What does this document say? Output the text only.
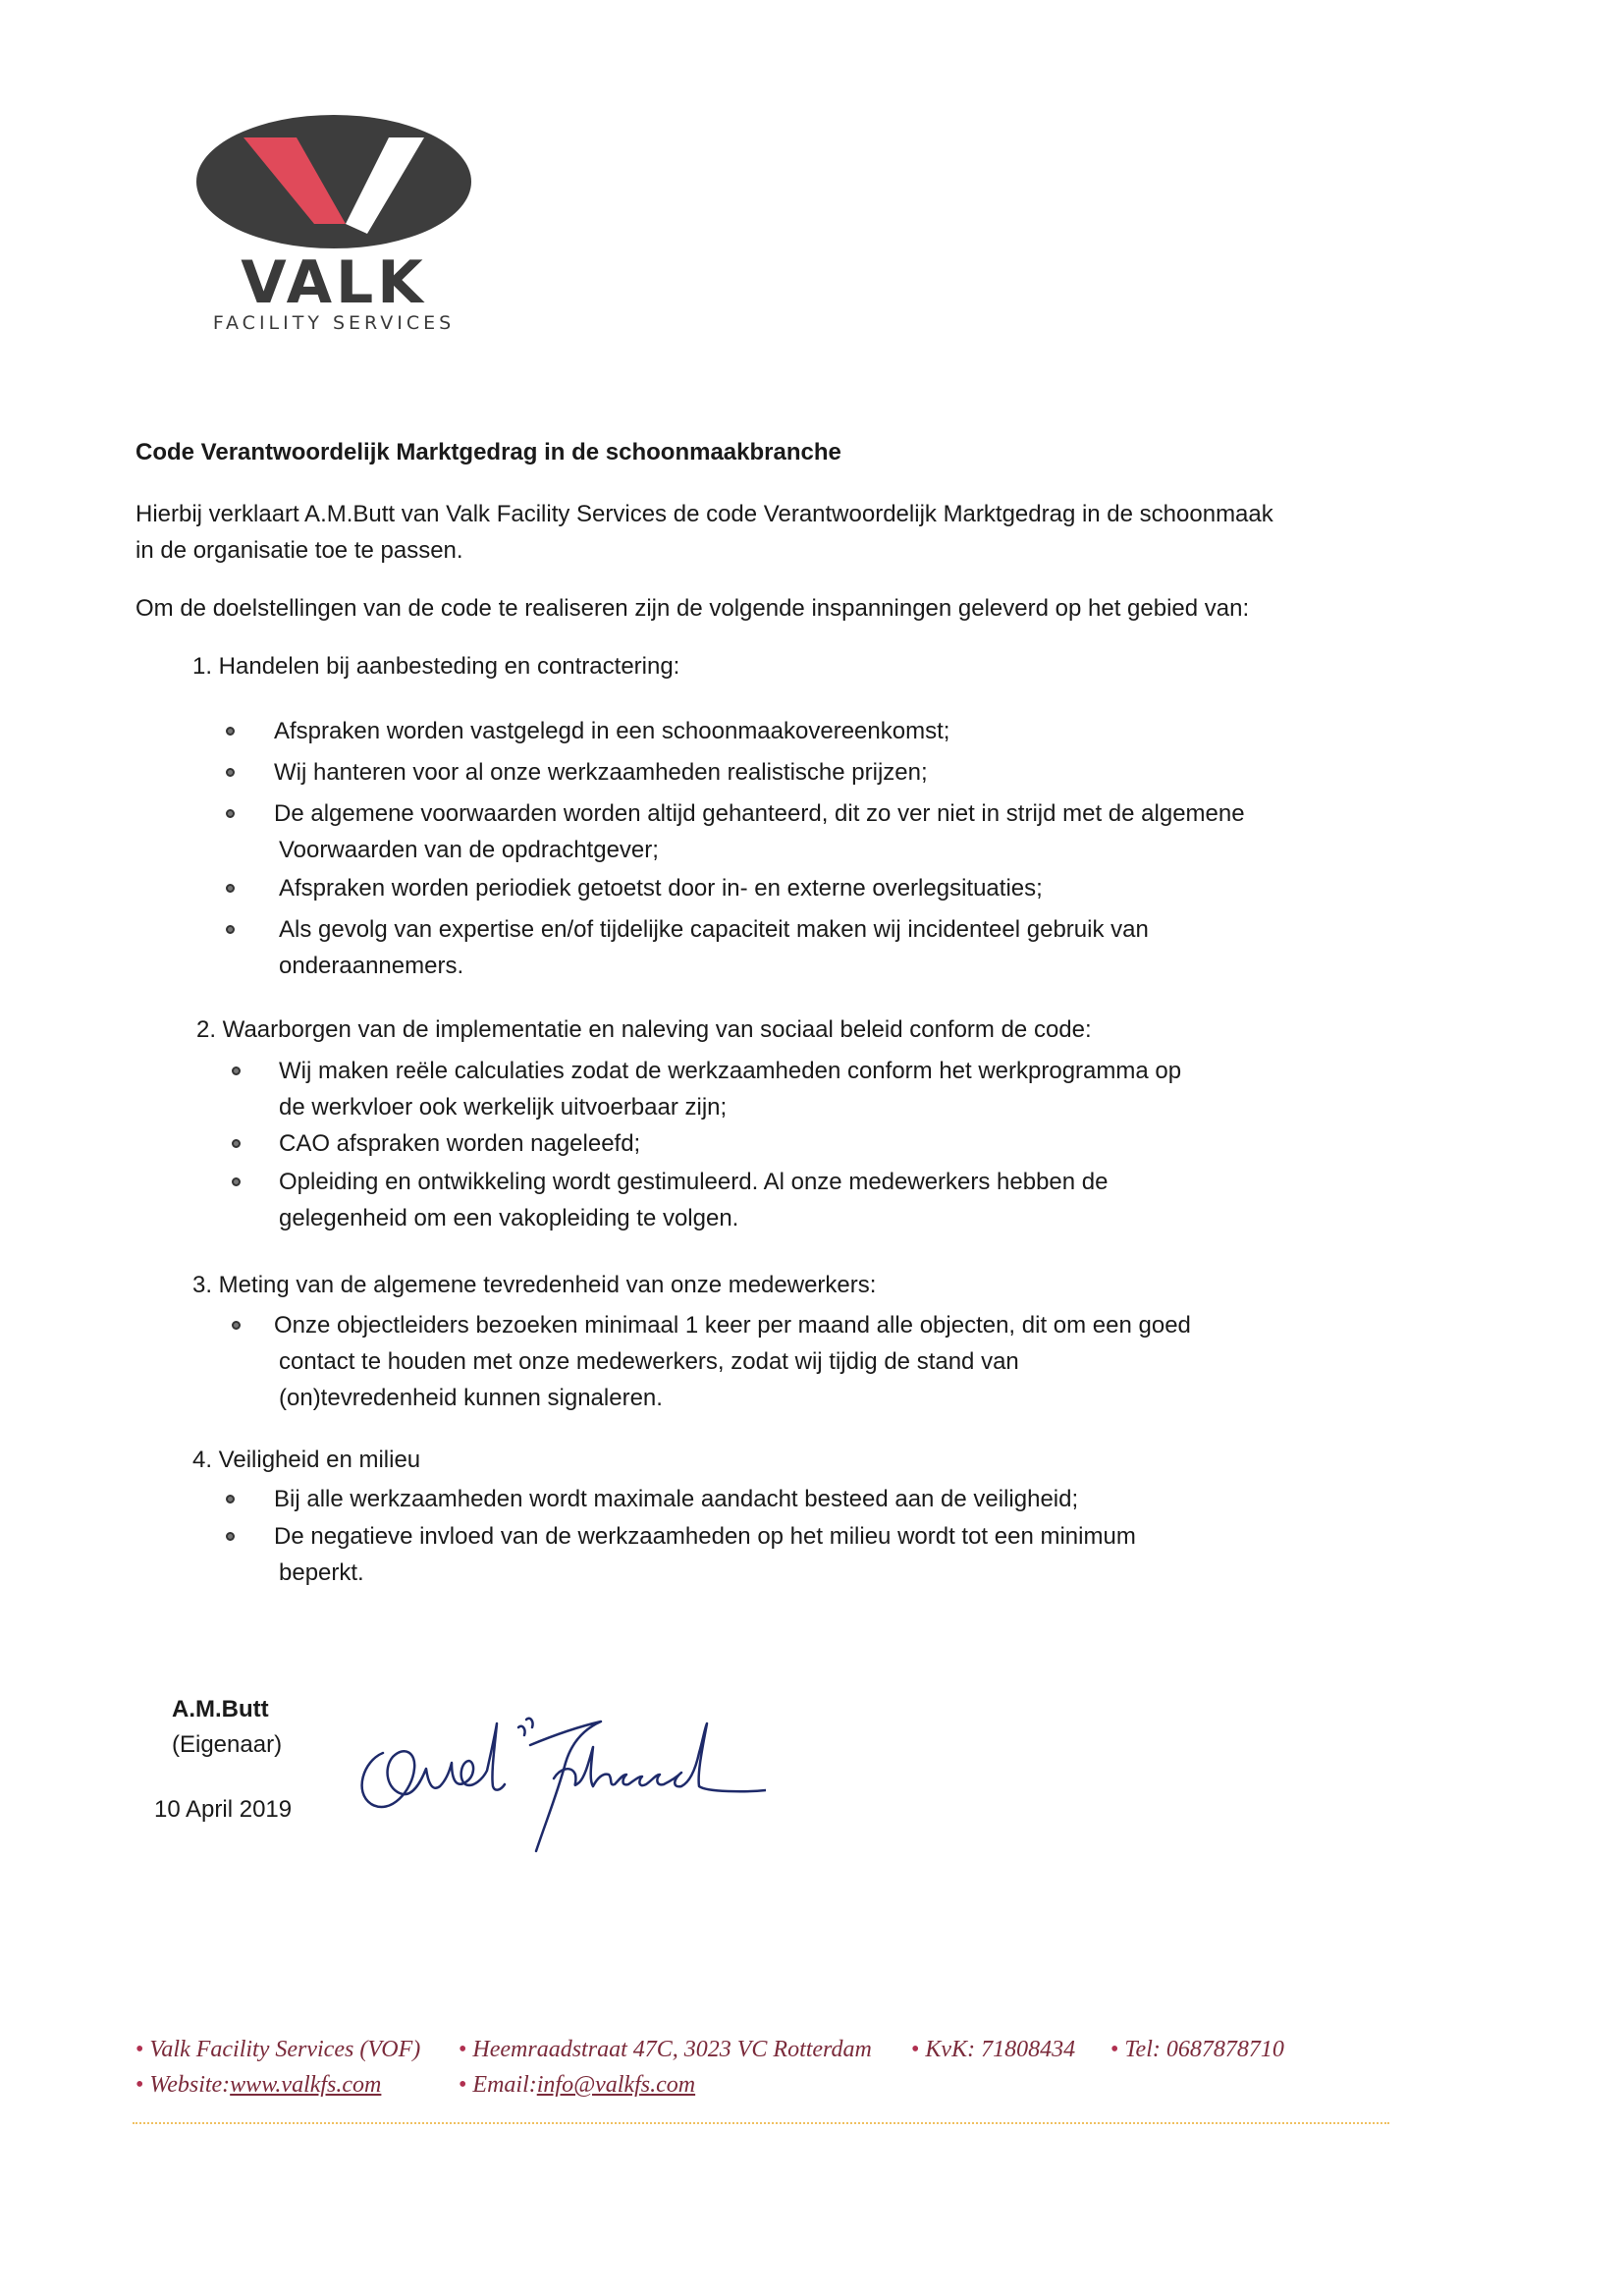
VALK
FACILITY SERVICES
Code Verantwoordelijk Marktgedrag in de schoonmaakbranche
Hierbij verklaart A.M.Butt van Valk Facility Services de code Verantwoordelijk Marktgedrag in de schoonmaak
in de organisatie toe te passen.
Om de doelstellingen van de code te realiseren zijn de volgende inspanningen geleverd op het gebied van:
1. Handelen bij aanbesteding en contractering:
Afspraken worden vastgelegd in een schoonmaakovereenkomst;
Wij hanteren voor al onze werkzaamheden realistische prijzen;
De algemene voorwaarden worden altijd gehanteerd, dit zo ver niet in strijd met de algemene
Voorwaarden van de opdrachtgever;
Afspraken worden periodiek getoetst door in- en externe overlegsituaties;
Als gevolg van expertise en/of tijdelijke capaciteit maken wij incidenteel gebruik van
onderaannemers.
2. Waarborgen van de implementatie en naleving van sociaal beleid conform de code:
Wij maken reële calculaties zodat de werkzaamheden conform het werkprogramma op
de werkvloer ook werkelijk uitvoerbaar zijn;
CAO afspraken worden nageleefd;
Opleiding en ontwikkeling wordt gestimuleerd. Al onze medewerkers hebben de
gelegenheid om een vakopleiding te volgen.
3. Meting van de algemene tevredenheid van onze medewerkers:
Onze objectleiders bezoeken minimaal 1 keer per maand alle objecten, dit om een goed
contact te houden met onze medewerkers, zodat wij tijdig de stand van
(on)tevredenheid kunnen signaleren.
4. Veiligheid en milieu
Bij alle werkzaamheden wordt maximale aandacht besteed aan de veiligheid;
De negatieve invloed van de werkzaamheden op het milieu wordt tot een minimum
beperkt.
A.M.Butt
(Eigenaar)
10 April 2019
• Valk Facility Services (VOF) • Heemraadstraat 47C, 3023 VC Rotterdam • KvK: 71808434 • Tel: 0687878710
• Website:www.valkfs.com	• Email:info@valkfs.com
